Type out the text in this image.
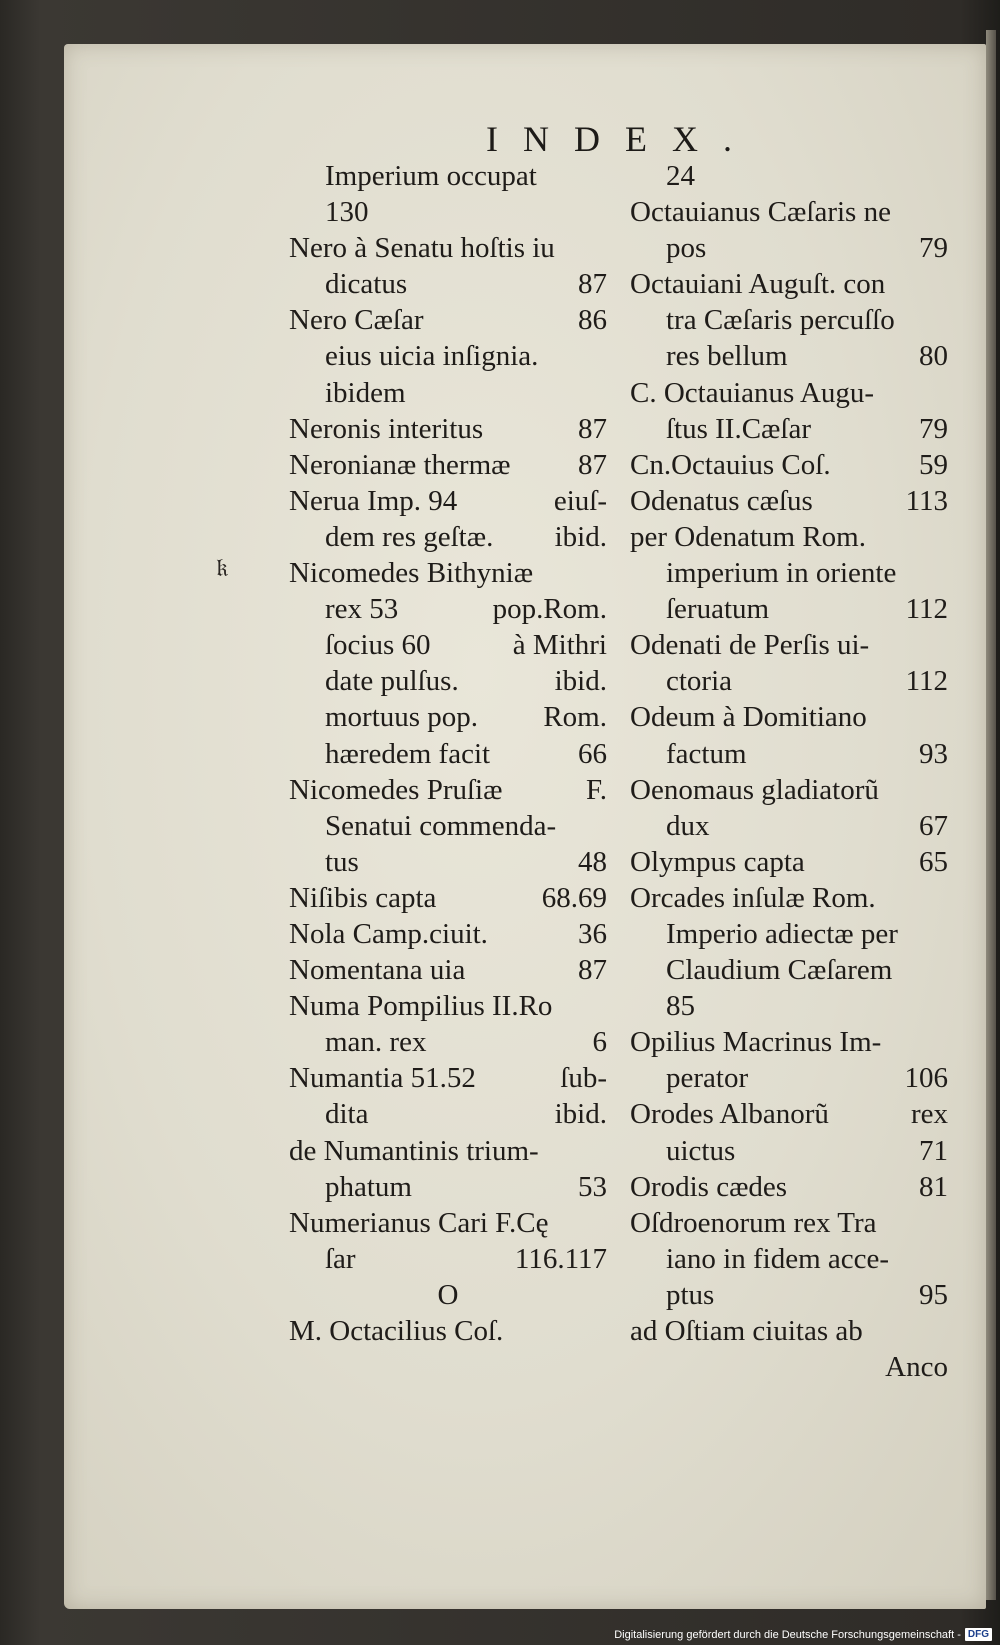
INDEX.
𝔨
Imperium occupat
130
Nero à Senatu hoſtis iu
dicatus	87
Nero Cæſar	86
eius uicia inſignia.
ibidem
Neronis interitus	87
Neronianæ thermæ 87
Nerua Imp. 94	eiuſ-
dem res geſtæ. ibid.
Nicomedes Bithyniæ
rex 53	pop.Rom.
ſocius 60	à Mithri
date pulſus.	ibid.
mortuus pop. Rom.
hæredem facit	66
Nicomedes Pruſiæ	F.
Senatui commenda-
tus	48
Niſibis capta	68.69
Nola Camp.ciuit.	36
Nomentana uia	87
Numa Pompilius II.Ro
man. rex	6
Numantia 51.52	ſub-
dita	ibid.
de Numantinis trium-
phatum	53
Numerianus Cari F.Cę
ſar	116.117
O
M. Octacilius Coſ.
24
Octauianus Cæſaris ne
pos	79
Octauiani Auguſt. con
tra Cæſaris percuſſo
res bellum	80
C. Octauianus Augu-
ſtus II.Cæſar	79
Cn.Octauius Coſ.	59
Odenatus cæſus	113
per Odenatum Rom.
imperium in oriente
ſeruatum	112
Odenati de Perſis ui-
ctoria	112
Odeum à Domitiano
factum	93
Oenomaus gladiatorũ
dux	67
Olympus capta	65
Orcades inſulæ Rom.
Imperio adiectæ per
Claudium Cæſarem
85
Opilius Macrinus Im-
perator	106
Orodes Albanorũ	rex
uictus	71
Orodis cædes	81
Oſdroenorum rex Tra
iano in fidem acce-
ptus	95
ad Oſtiam ciuitas ab
Anco
Digitalisierung gefördert durch die Deutsche Forschungsgemeinschaft - DFG
